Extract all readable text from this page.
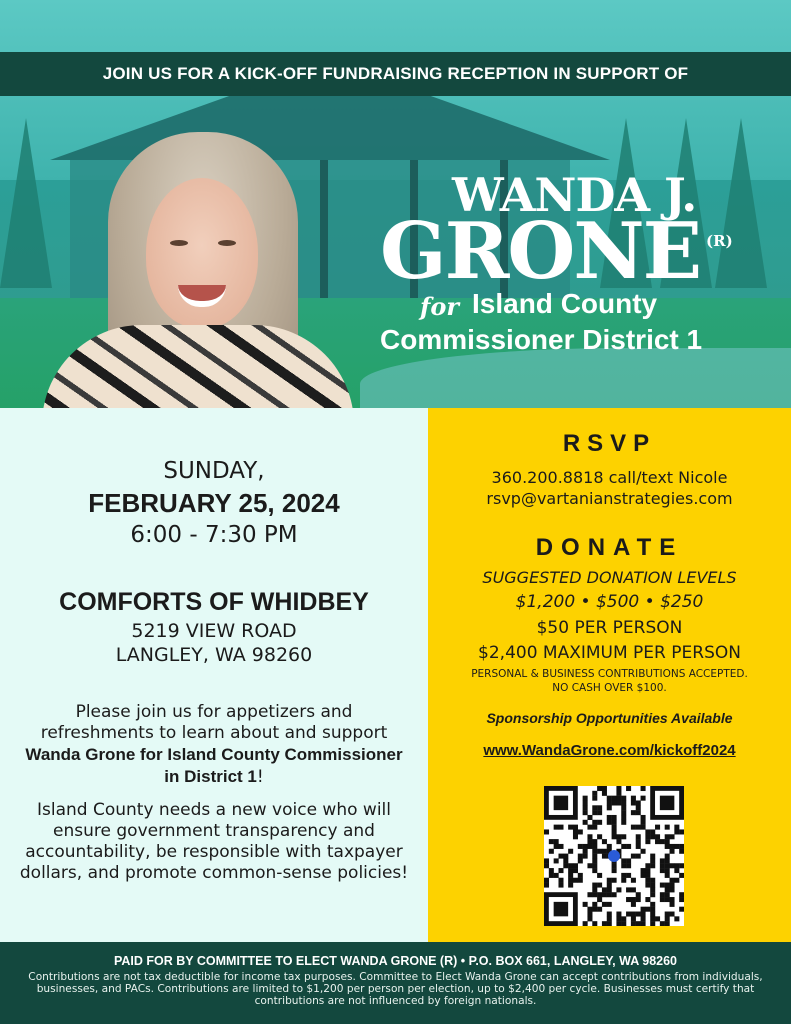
WANDA J.
GRONE (R)
for Island County
Commissioner District 1
JOIN US FOR A KICK-OFF FUNDRAISING RECEPTION IN SUPPORT OF
SUNDAY,
FEBRUARY 25, 2024
6:00 - 7:30 PM
COMFORTS OF WHIDBEY
5219 VIEW ROAD
LANGLEY, WA 98260
Please join us for appetizers and refreshments to learn about and support Wanda Grone for Island County Commissioner in District 1!
Island County needs a new voice who will ensure government transparency and accountability, be responsible with taxpayer dollars, and promote common-sense policies!
RSVP
360.200.8818 call/text Nicole
rsvp@vartanianstrategies.com
DONATE
SUGGESTED DONATION LEVELS
$1,200 • $500 • $250
$50 PER PERSON
$2,400 MAXIMUM PER PERSON
PERSONAL & BUSINESS CONTRIBUTIONS ACCEPTED.
NO CASH OVER $100.
Sponsorship Opportunities Available
www.WandaGrone.com/kickoff2024
PAID FOR BY COMMITTEE TO ELECT WANDA GRONE (R) • P.O. BOX 661, LANGLEY, WA 98260
Contributions are not tax deductible for income tax purposes. Committee to Elect Wanda Grone can accept contributions from individuals, businesses, and PACs. Contributions are limited to $1,200 per person per election, up to $2,400 per cycle. Businesses must certify that contributions are not influenced by foreign nationals.
